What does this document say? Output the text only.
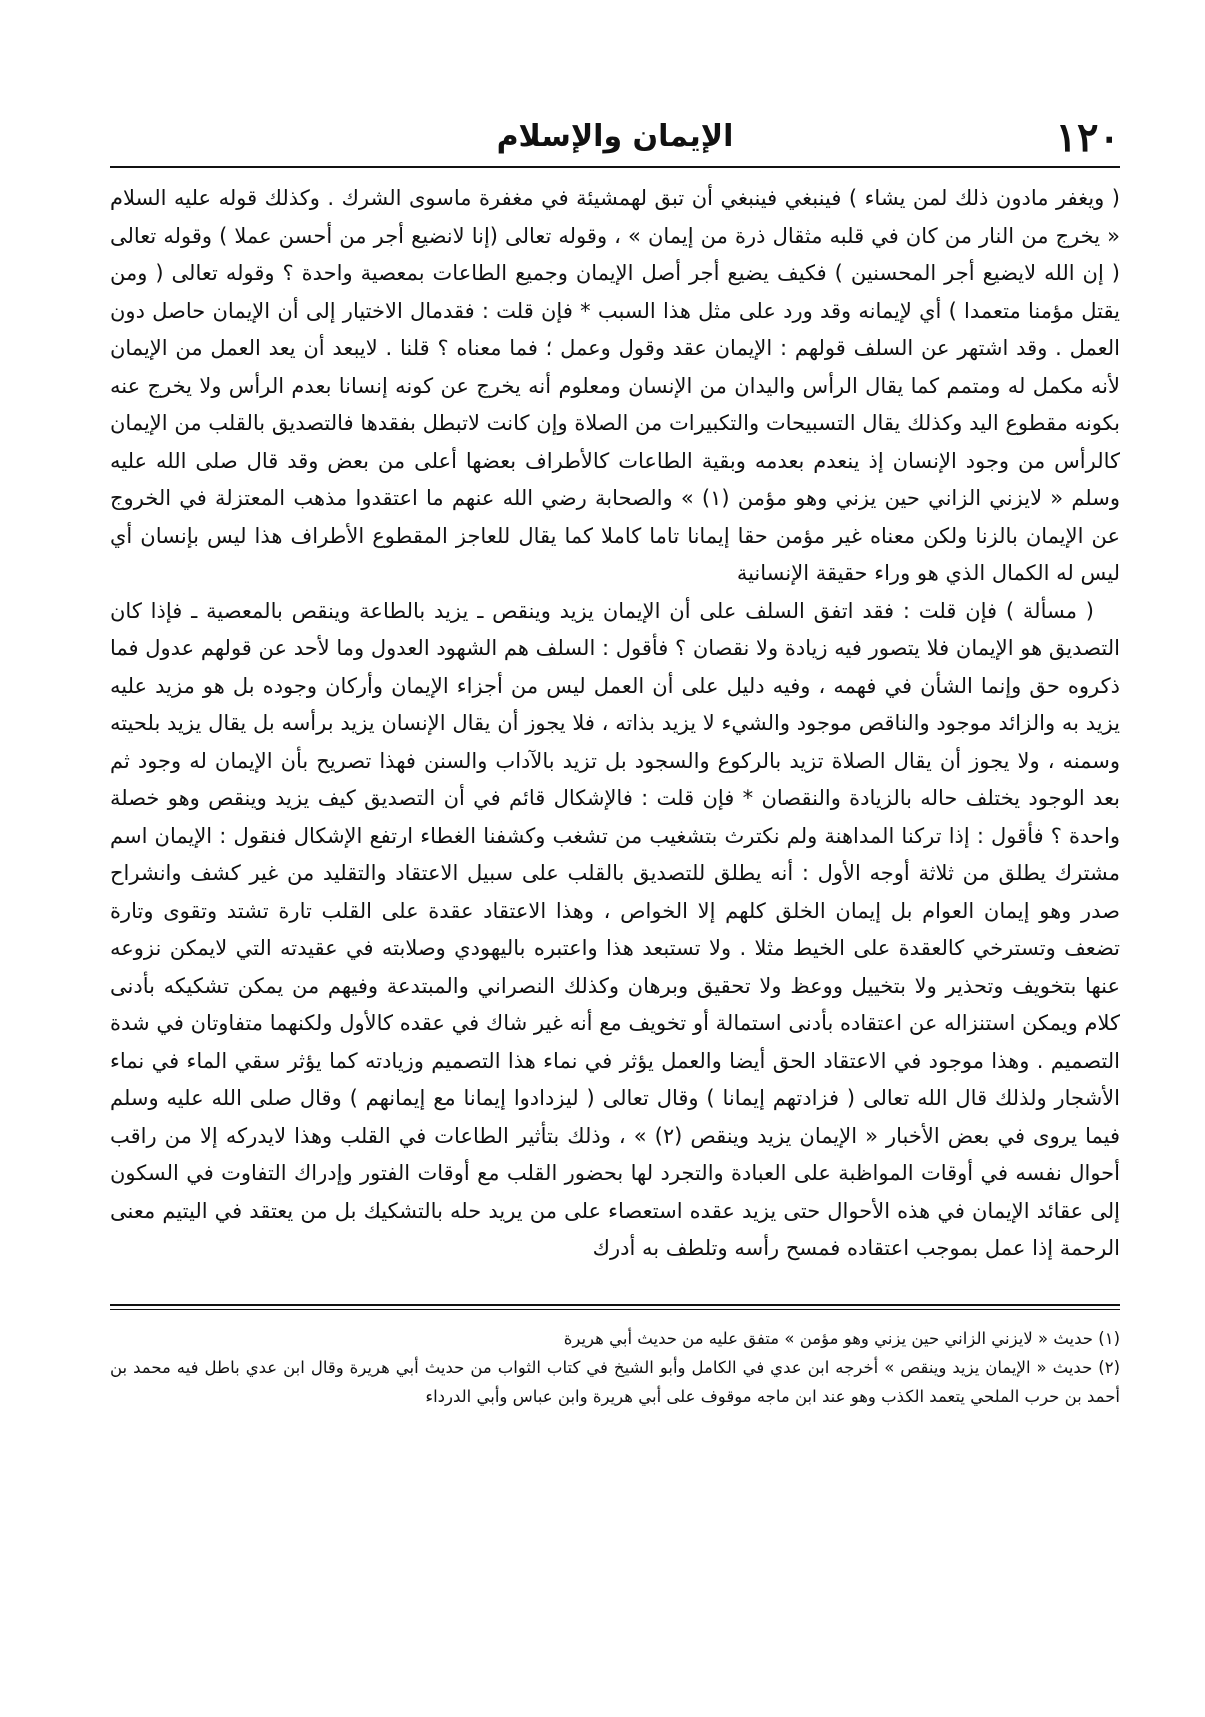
١٢٠
الإيمان والإسلام

( ويغفر مادون ذلك لمن يشاء ) فينبغي فينبغي أن تبق لهمشيئة في مغفرة ماسوى الشرك . وكذلك قوله عليه السلام « يخرج من النار من كان في قلبه مثقال ذرة من إيمان » ، وقوله تعالى (إنا لانضيع أجر من أحسن عملا ) وقوله تعالى ( إن الله لايضيع أجر المحسنين ) فكيف يضيع أجر أصل الإيمان وجميع الطاعات بمعصية واحدة ؟ وقوله تعالى ( ومن يقتل مؤمنا متعمدا ) أي لإيمانه وقد ورد على مثل هذا السبب * فإن قلت : فقدمال الاختيار إلى أن الإيمان حاصل دون العمل . وقد اشتهر عن السلف قولهم : الإيمان عقد وقول وعمل ؛ فما معناه ؟ قلنا . لايبعد أن يعد العمل من الإيمان لأنه مكمل له ومتمم كما يقال الرأس واليدان من الإنسان ومعلوم أنه يخرج عن كونه إنسانا بعدم الرأس ولا يخرج عنه بكونه مقطوع اليد وكذلك يقال التسبيحات والتكبيرات من الصلاة وإن كانت لاتبطل بفقدها فالتصديق بالقلب من الإيمان كالرأس من وجود الإنسان إذ ينعدم بعدمه وبقية الطاعات كالأطراف بعضها أعلى من بعض وقد قال صلى الله عليه وسلم « لايزني الزاني حين يزني وهو مؤمن (١) » والصحابة رضي الله عنهم ما اعتقدوا مذهب المعتزلة في الخروج عن الإيمان بالزنا ولكن معناه غير مؤمن حقا إيمانا تاما كاملا كما يقال للعاجز المقطوع الأطراف هذا ليس بإنسان أي ليس له الكمال الذي هو وراء حقيقة الإنسانية

( مسألة ) فإن قلت : فقد اتفق السلف على أن الإيمان يزيد وينقص ـ يزيد بالطاعة وينقص بالمعصية ـ فإذا كان التصديق هو الإيمان فلا يتصور فيه زيادة ولا نقصان ؟ فأقول : السلف هم الشهود العدول وما لأحد عن قولهم عدول فما ذكروه حق وإنما الشأن في فهمه ، وفيه دليل على أن العمل ليس من أجزاء الإيمان وأركان وجوده بل هو مزيد عليه يزيد به والزائد موجود والناقص موجود والشيء لا يزيد بذاته ، فلا يجوز أن يقال الإنسان يزيد برأسه بل يقال يزيد بلحيته وسمنه ، ولا يجوز أن يقال الصلاة تزيد بالركوع والسجود بل تزيد بالآداب والسنن فهذا تصريح بأن الإيمان له وجود ثم بعد الوجود يختلف حاله بالزيادة والنقصان * فإن قلت : فالإشكال قائم في أن التصديق كيف يزيد وينقص وهو خصلة واحدة ؟ فأقول : إذا تركنا المداهنة ولم نكترث بتشغيب من تشغب وكشفنا الغطاء ارتفع الإشكال فنقول : الإيمان اسم مشترك يطلق من ثلاثة أوجه الأول : أنه يطلق للتصديق بالقلب على سبيل الاعتقاد والتقليد من غير كشف وانشراح صدر وهو إيمان العوام بل إيمان الخلق كلهم إلا الخواص ، وهذا الاعتقاد عقدة على القلب تارة تشتد وتقوى وتارة تضعف وتسترخي كالعقدة على الخيط مثلا . ولا تستبعد هذا واعتبره باليهودي وصلابته في عقيدته التي لايمكن نزوعه عنها بتخويف وتحذير ولا بتخييل ووعظ ولا تحقيق وبرهان وكذلك النصراني والمبتدعة وفيهم من يمكن تشكيكه بأدنى كلام ويمكن استنزاله عن اعتقاده بأدنى استمالة أو تخويف مع أنه غير شاك في عقده كالأول ولكنهما متفاوتان في شدة التصميم . وهذا موجود في الاعتقاد الحق أيضا والعمل يؤثر في نماء هذا التصميم وزيادته كما يؤثر سقي الماء في نماء الأشجار ولذلك قال الله تعالى ( فزادتهم إيمانا ) وقال تعالى ( ليزدادوا إيمانا مع إيمانهم ) وقال صلى الله عليه وسلم فيما يروى في بعض الأخبار « الإيمان يزيد وينقص (٢) » ، وذلك بتأثير الطاعات في القلب وهذا لايدركه إلا من راقب أحوال نفسه في أوقات المواظبة على العبادة والتجرد لها بحضور القلب مع أوقات الفتور وإدراك التفاوت في السكون إلى عقائد الإيمان في هذه الأحوال حتى يزيد عقده استعصاء على من يريد حله بالتشكيك بل من يعتقد في اليتيم معنى الرحمة إذا عمل بموجب اعتقاده فمسح رأسه وتلطف به أدرك

(١) حديث « لايزني الزاني حين يزني وهو مؤمن » متفق عليه من حديث أبي هريرة

(٢) حديث « الإيمان يزيد وينقص » أخرجه ابن عدي في الكامل وأبو الشيخ في كتاب الثواب من حديث أبي هريرة وقال ابن عدي باطل فيه محمد بن أحمد بن حرب الملحي يتعمد الكذب وهو عند ابن ماجه موقوف على أبي هريرة وابن عباس وأبي الدرداء
